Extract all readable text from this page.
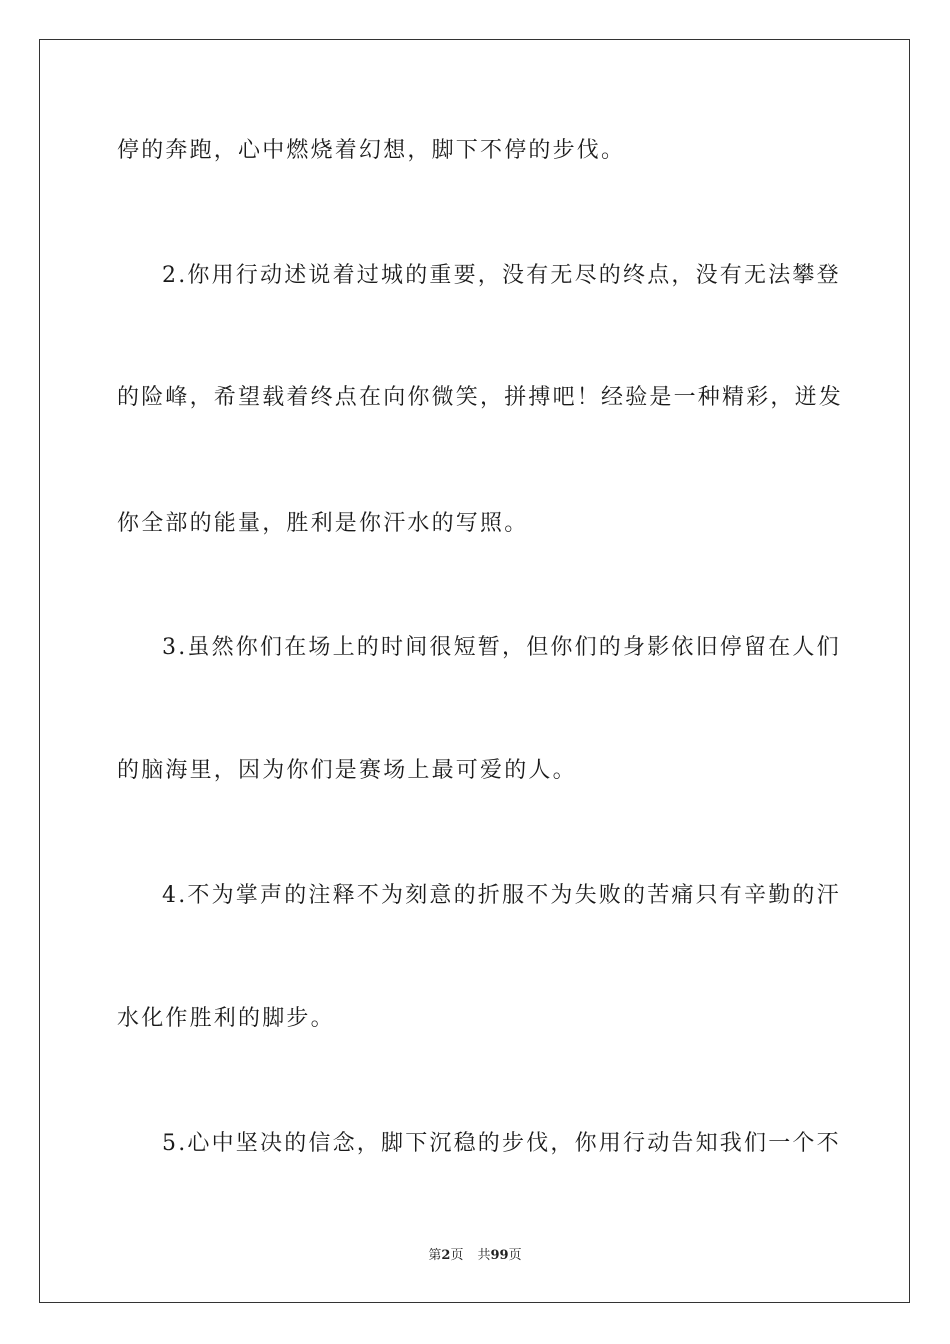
停的奔跑，心中燃烧着幻想，脚下不停的步伐。
2.你用行动述说着过城的重要，没有无尽的终点，没有无法攀登
的险峰，希望载着终点在向你微笑，拼搏吧！经验是一种精彩，迸发
你全部的能量，胜利是你汗水的写照。
3.虽然你们在场上的时间很短暂，但你们的身影依旧停留在人们
的脑海里，因为你们是赛场上最可爱的人。
4.不为掌声的注释不为刻意的折服不为失败的苦痛只有辛勤的汗
水化作胜利的脚步。
5.心中坚决的信念，脚下沉稳的步伐，你用行动告知我们一个不
第2页 共99页
